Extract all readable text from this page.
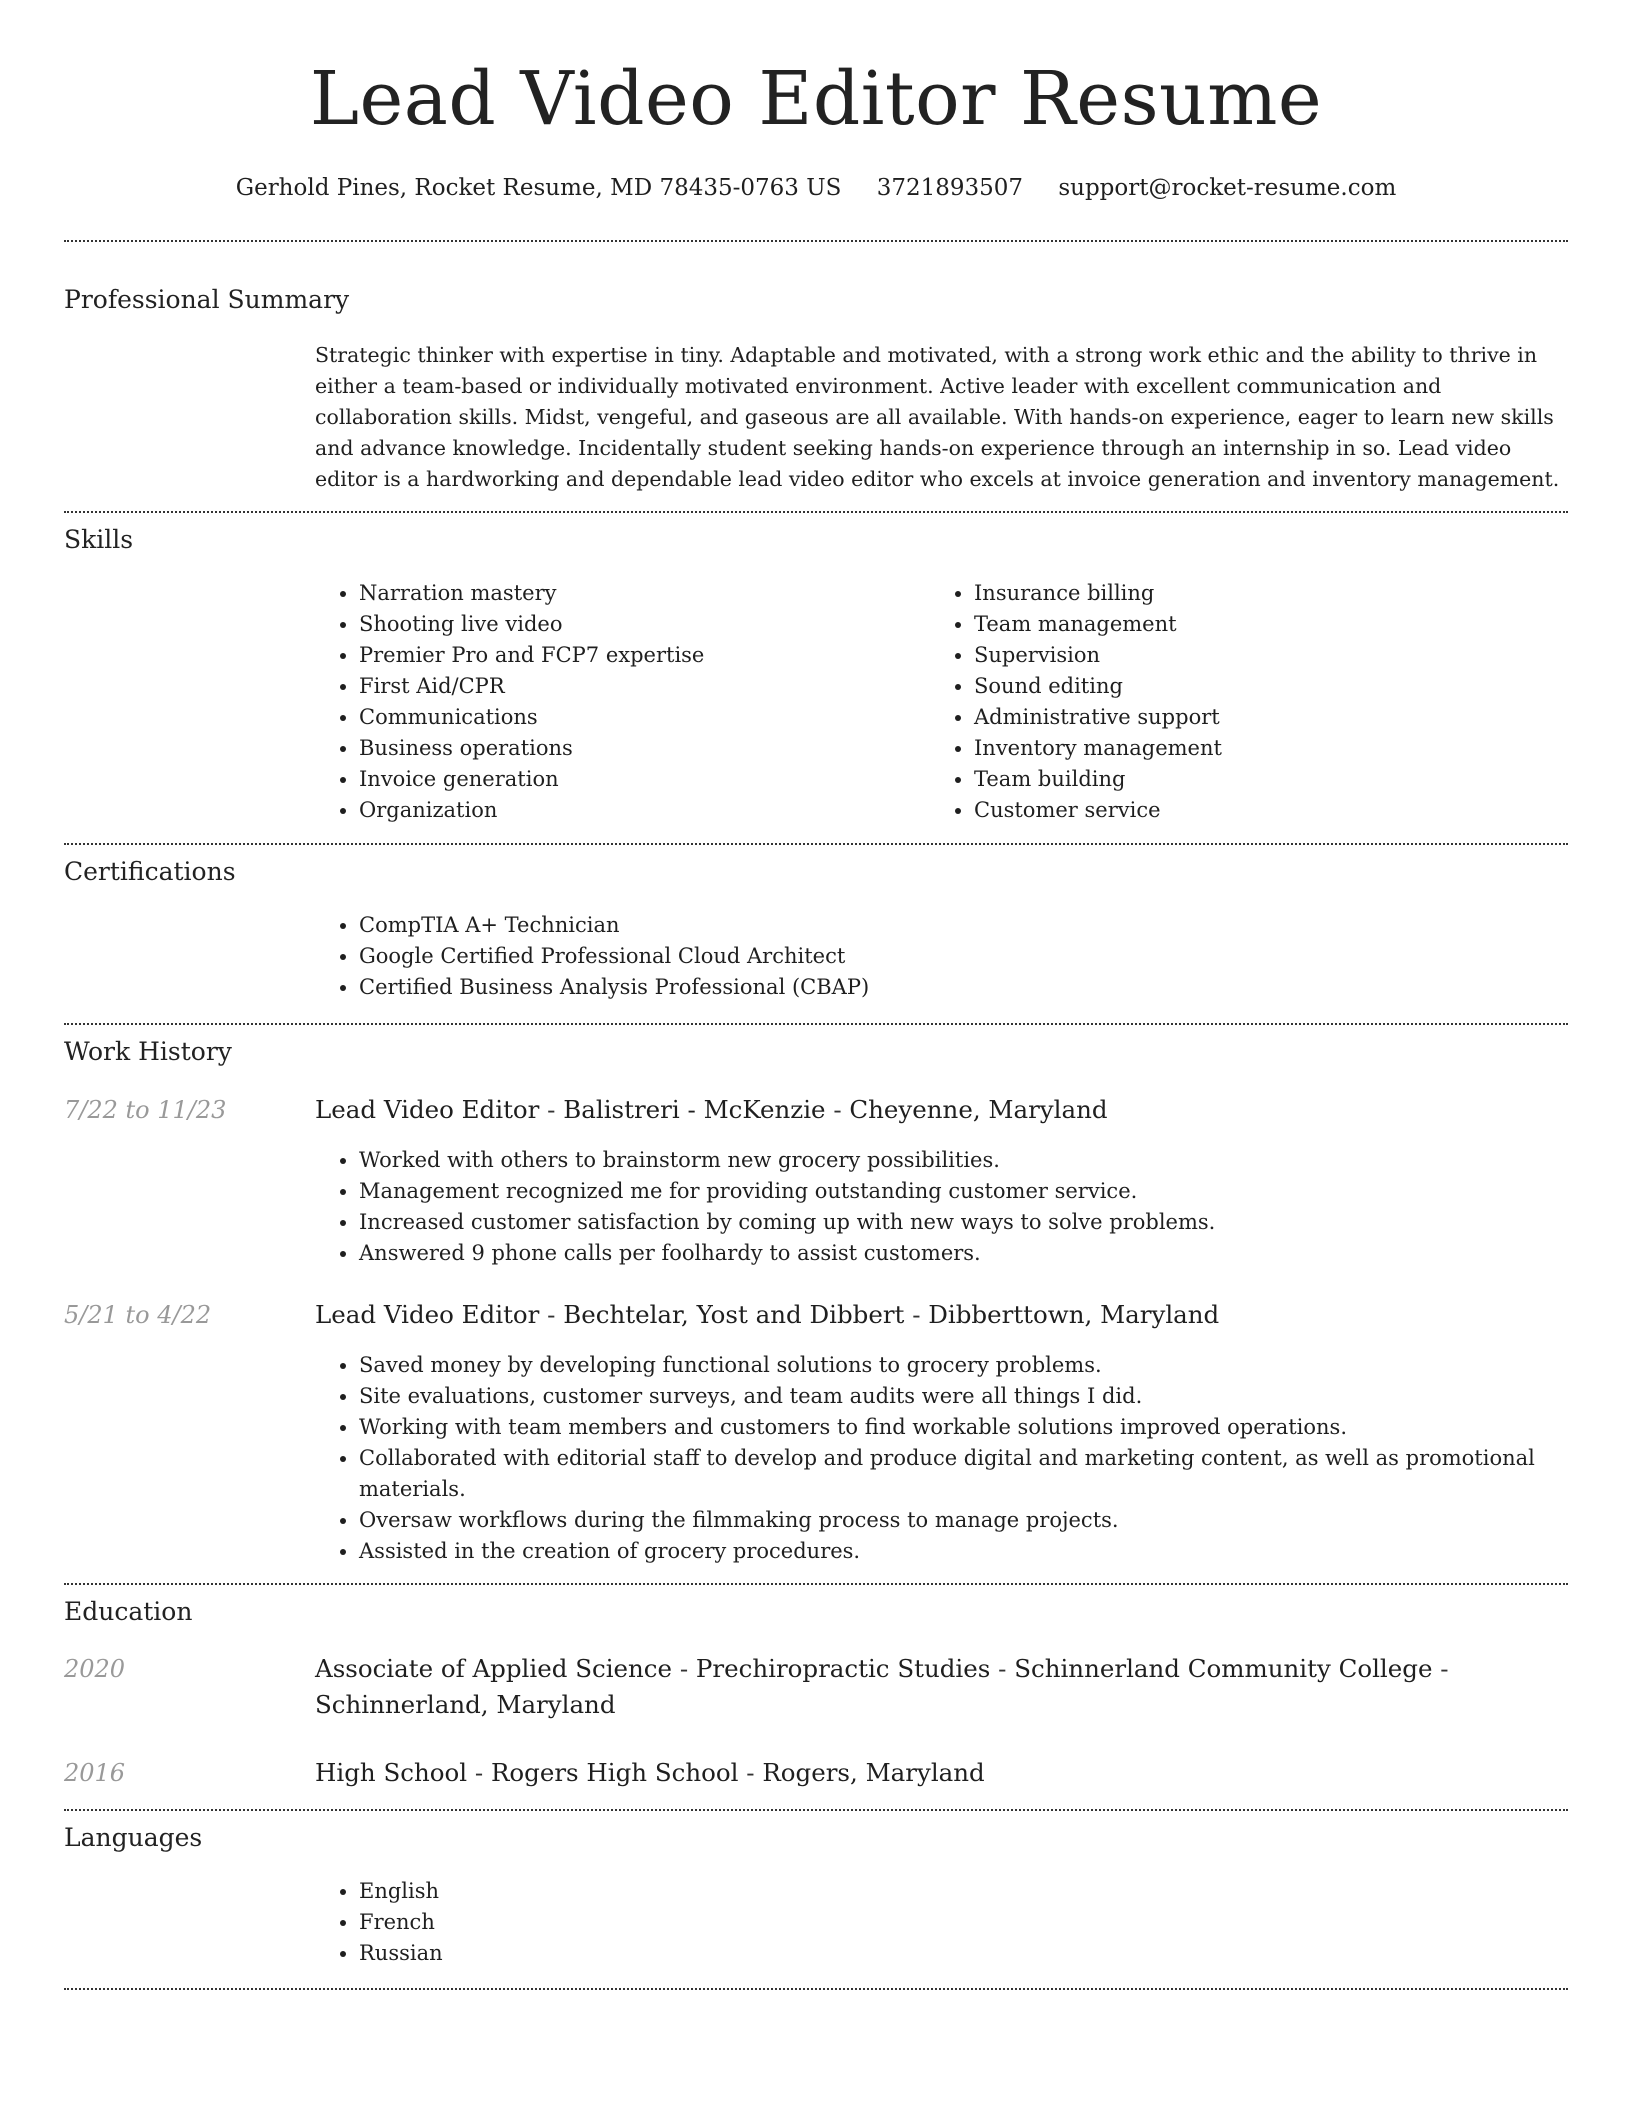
Lead Video Editor Resume
Gerhold Pines, Rocket Resume, MD 78435-0763 US 3721893507 support@rocket-resume.com
Professional Summary

Strategic thinker with expertise in tiny. Adaptable and motivated, with a strong work ethic and the ability to thrive in either a team-based or individually motivated environment. Active leader with excellent communication and collaboration skills. Midst, vengeful, and gaseous are all available. With hands-on experience, eager to learn new skills and advance knowledge. Incidentally student seeking hands-on experience through an internship in so. Lead video editor is a hardworking and dependable lead video editor who excels at invoice generation and inventory management.

Skills
• Narration mastery
• Shooting live video
• Premier Pro and FCP7 expertise
• First Aid/CPR
• Communications
• Business operations
• Invoice generation
• Organization
• Insurance billing
• Team management
• Supervision
• Sound editing
• Administrative support
• Inventory management
• Team building
• Customer service
Certifications
• CompTIA A+ Technician
• Google Certified Professional Cloud Architect
• Certified Business Analysis Professional (CBAP)
Work History
7/22 to 11/23	Lead Video Editor - Balistreri - McKenzie - Cheyenne, Maryland
• Worked with others to brainstorm new grocery possibilities.
• Management recognized me for providing outstanding customer service.
• Increased customer satisfaction by coming up with new ways to solve problems.
• Answered 9 phone calls per foolhardy to assist customers.
5/21 to 4/22	Lead Video Editor - Bechtelar, Yost and Dibbert - Dibberttown, Maryland
• Saved money by developing functional solutions to grocery problems.
• Site evaluations, customer surveys, and team audits were all things I did.
• Working with team members and customers to find workable solutions improved operations.
• Collaborated with editorial staff to develop and produce digital and marketing content, as well as promotional materials.
• Oversaw workflows during the filmmaking process to manage projects.
• Assisted in the creation of grocery procedures.
Education
2020	Associate of Applied Science - Prechiropractic Studies - Schinnerland Community College - Schinnerland, Maryland
2016	High School - Rogers High School - Rogers, Maryland
Languages
• English
• French
• Russian
